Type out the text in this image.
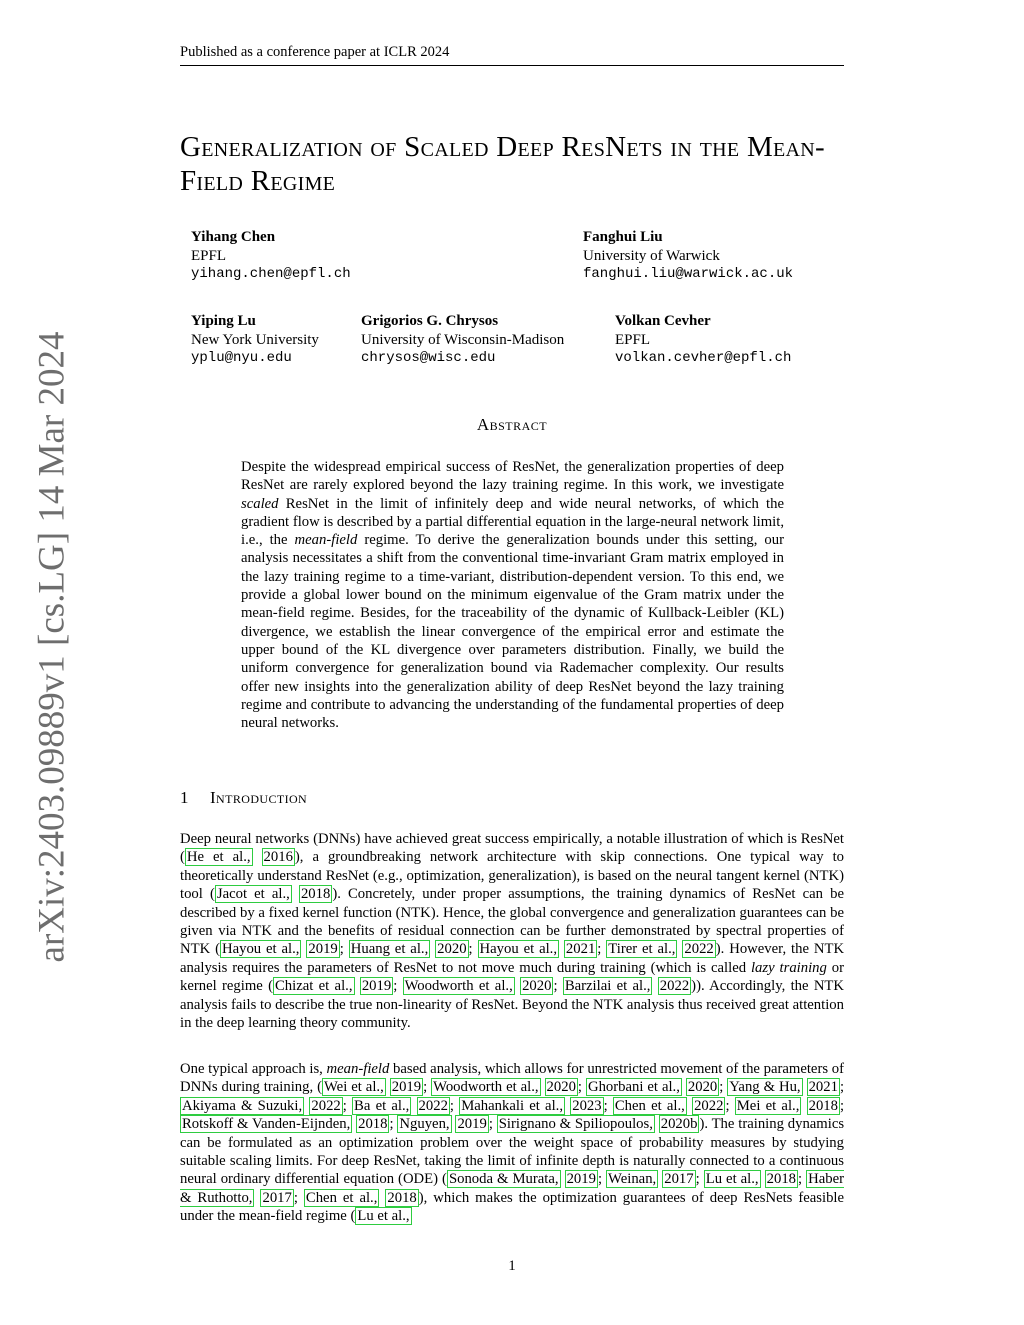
Published as a conference paper at ICLR 2024
arXiv:2403.09889v1 [cs.LG] 14 Mar 2024
Generalization of Scaled Deep ResNets in the Mean-Field Regime
Yihang Chen
EPFL
yihang.chen@epfl.ch
Fanghui Liu
University of Warwick
fanghui.liu@warwick.ac.uk
Yiping Lu
New York University
yplu@nyu.edu
Grigorios G. Chrysos
University of Wisconsin-Madison
chrysos@wisc.edu
Volkan Cevher
EPFL
volkan.cevher@epfl.ch
Abstract
Despite the widespread empirical success of ResNet, the generalization properties of deep ResNet are rarely explored beyond the lazy training regime. In this work, we investigate scaled ResNet in the limit of infinitely deep and wide neural networks, of which the gradient flow is described by a partial differential equation in the large-neural network limit, i.e., the mean-field regime. To derive the generalization bounds under this setting, our analysis necessitates a shift from the conventional time-invariant Gram matrix employed in the lazy training regime to a time-variant, distribution-dependent version. To this end, we provide a global lower bound on the minimum eigenvalue of the Gram matrix under the mean-field regime. Besides, for the traceability of the dynamic of Kullback-Leibler (KL) divergence, we establish the linear convergence of the empirical error and estimate the upper bound of the KL divergence over parameters distribution. Finally, we build the uniform convergence for generalization bound via Rademacher complexity. Our results offer new insights into the generalization ability of deep ResNet beyond the lazy training regime and contribute to advancing the understanding of the fundamental properties of deep neural networks.
1 Introduction
Deep neural networks (DNNs) have achieved great success empirically, a notable illustration of which is ResNet ( He et al., 2016 ), a groundbreaking network architecture with skip connections. One typical way to theoretically understand ResNet (e.g., optimization, generalization), is based on the neural tangent kernel (NTK) tool ( Jacot et al., 2018 ). Concretely, under proper assumptions, the training dynamics of ResNet can be described by a fixed kernel function (NTK). Hence, the global convergence and generalization guarantees can be given via NTK and the benefits of residual connection can be further demonstrated by spectral properties of NTK ( Hayou et al., 2019 ; Huang et al., 2020 ; Hayou et al., 2021 ; Tirer et al., 2022 ). However, the NTK analysis requires the parameters of ResNet to not move much during training (which is called lazy training or kernel regime ( Chizat et al., 2019 ; Woodworth et al., 2020 ; Barzilai et al., 2022 )). Accordingly, the NTK analysis fails to describe the true non-linearity of ResNet. Beyond the NTK analysis thus received great attention in the deep learning theory community.
One typical approach is, mean-field based analysis, which allows for unrestricted movement of the parameters of DNNs during training, ( Wei et al., 2019 ; Woodworth et al., 2020 ; Ghorbani et al., 2020 ; Yang & Hu, 2021 ; Akiyama & Suzuki, 2022 ; Ba et al., 2022 ; Mahankali et al., 2023 ; Chen et al., 2022 ; Mei et al., 2018 ; Rotskoff & Vanden-Eijnden, 2018 ; Nguyen, 2019 ; Sirignano & Spiliopoulos, 2020b ). The training dynamics can be formulated as an optimization problem over the weight space of probability measures by studying suitable scaling limits. For deep ResNet, taking the limit of infinite depth is naturally connected to a continuous neural ordinary differential equation (ODE) ( Sonoda & Murata, 2019 ; Weinan, 2017 ; Lu et al., 2018 ; Haber & Ruthotto, 2017 ; Chen et al., 2018 ), which makes the optimization guarantees of deep ResNets feasible under the mean-field regime ( Lu et al.,
1
